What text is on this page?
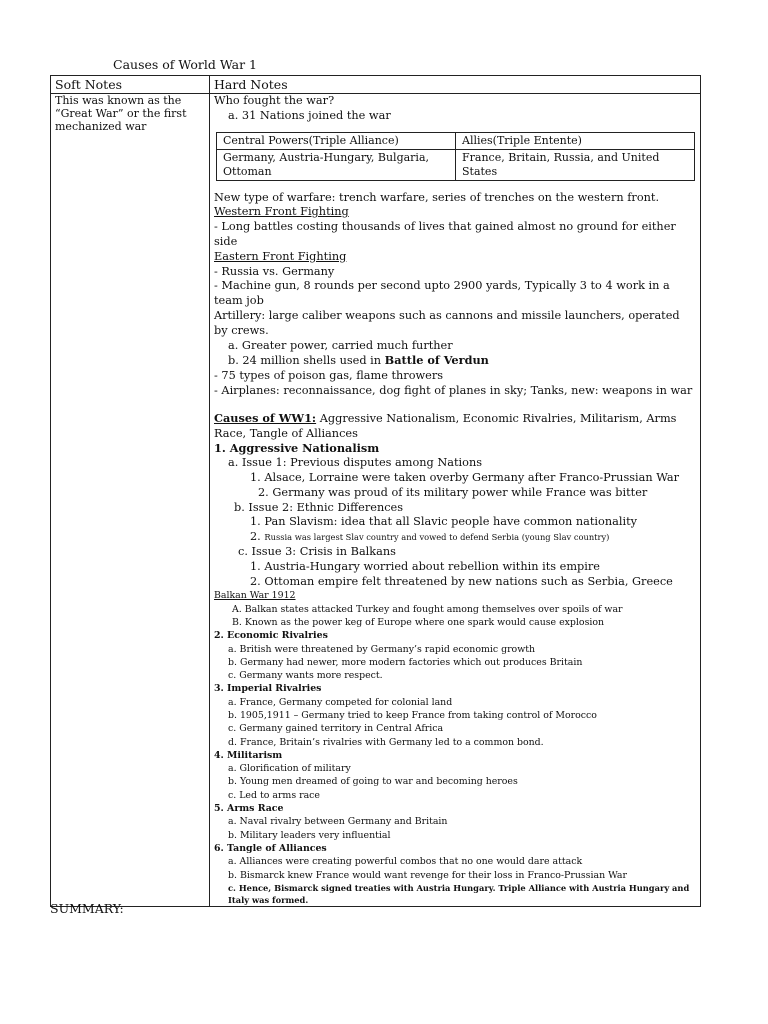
Causes of World War 1
Soft Notes	Hard Notes

This was known as the “Great War” or the first mechanized war

Who fought the war?
a. 31 Nations joined the war
Central Powers(Triple Alliance)	Allies(Triple Entente)
Germany, Austria-Hungary, Bulgaria, Ottoman	France, Britain, Russia, and United States
New type of warfare: trench warfare, series of trenches on the western front.
Western Front Fighting
- Long battles costing thousands of lives that gained almost no ground for either side
Eastern Front Fighting
- Russia vs. Germany
- Machine gun, 8 rounds per second upto 2900 yards, Typically 3 to 4 work in a team job
Artillery: large caliber weapons such as cannons and missile launchers, operated by crews.
a. Greater power, carried much further
b. 24 million shells used in Battle of Verdun
- 75 types of poison gas, flame throwers
- Airplanes: reconnaissance, dog fight of planes in sky; Tanks, new: weapons in war
Causes of WW1: Aggressive Nationalism, Economic Rivalries, Militarism, Arms Race, Tangle of Alliances
1. Aggressive Nationalism
a. Issue 1: Previous disputes among Nations
1. Alsace, Lorraine were taken overby Germany after Franco-Prussian War
2. Germany was proud of its military power while France was bitter
b. Issue 2: Ethnic Differences
1. Pan Slavism: idea that all Slavic people have common nationality
2. Russia was largest Slav country and vowed to defend Serbia (young Slav country)
c. Issue 3: Crisis in Balkans
1. Austria-Hungary worried about rebellion within its empire
2. Ottoman empire felt threatened by new nations such as Serbia, Greece
Balkan War 1912
A. Balkan states attacked Turkey and fought among themselves over spoils of war
B. Known as the power keg of Europe where one spark would cause explosion
2. Economic Rivalries
a. British were threatened by Germany’s rapid economic growth
b. Germany had newer, more modern factories which out produces Britain
c. Germany wants more respect.
3. Imperial Rivalries
a. France, Germany competed for colonial land
b. 1905,1911 – Germany tried to keep France from taking control of Morocco
c. Germany gained territory in Central Africa
d. France, Britain’s rivalries with Germany led to a common bond.
4. Militarism
a. Glorification of military
b. Young men dreamed of going to war and becoming heroes
c. Led to arms race
5. Arms Race
a. Naval rivalry between Germany and Britain
b. Military leaders very influential
6. Tangle of Alliances
a. Alliances were creating powerful combos that no one would dare attack
b. Bismarck knew France would want revenge for their loss in Franco-Prussian War
c. Hence, Bismarck signed treaties with Austria Hungary. Triple Alliance with Austria Hungary and Italy was formed.
SUMMARY:
